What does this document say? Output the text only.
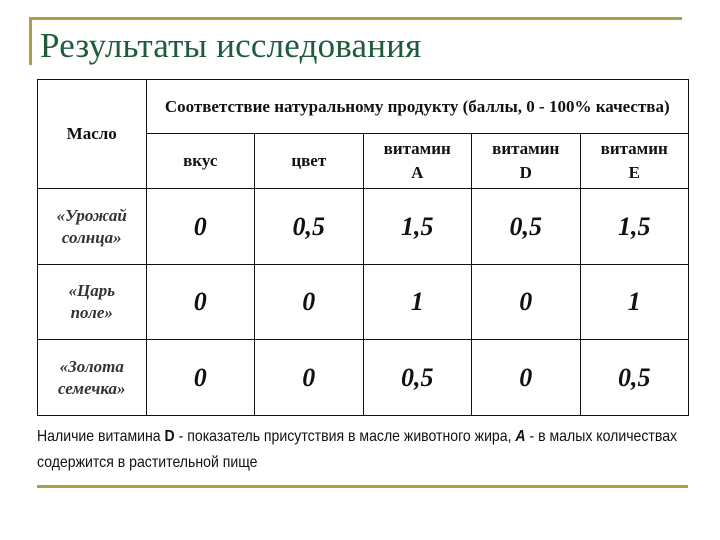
Результаты исследования
Масло	Соответствие натуральному продукту (баллы, 0 - 100% качества)				
	вкус	цвет	витамин A	витамин D	витамин E
«Урожай солнца»	0	0,5	1,5	0,5	1,5
«Царь поле»	0	0	1	0	1
«Золота семечка»	0	0	0,5	0	0,5
Наличие витамина D - показатель присутствия в масле животного жира, A - в малых количествах содержится в растительной пище
